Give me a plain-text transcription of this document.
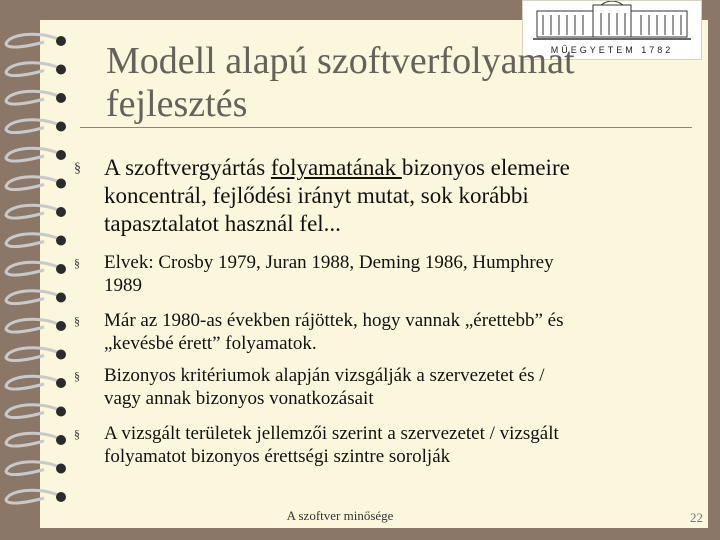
MŰEGYETEM 1782
Modell alapú szoftverfolyamat
fejlesztés
§ A szoftvergyártás folyamatának bizonyos elemeire
koncentrál, fejlődési irányt mutat, sok korábbi
tapasztalatot használ fel...
§ Elvek: Crosby 1979, Juran 1988, Deming 1986, Humphrey
1989
§ Már az 1980-as években rájöttek, hogy vannak „érettebb” és
„kevésbé érett” folyamatok.
§ Bizonyos kritériumok alapján vizsgálják a szervezetet és /
vagy annak bizonyos vonatkozásait
§ A vizsgált területek jellemzői szerint a szervezetet / vizsgált
folyamatot bizonyos érettségi szintre sorolják
A szoftver minősége	22
